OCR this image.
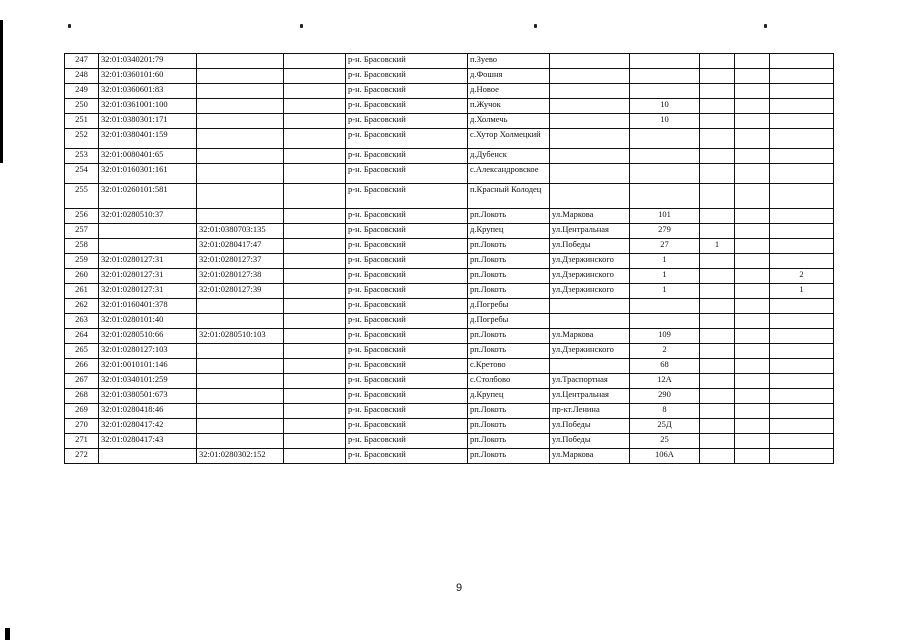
247	32:01:0340201:79			р-н. Брасовский	п.Зуево					
248	32:01:0360101:60			р-н. Брасовский	д.Фошня					
249	32:01:0360601:83			р-н. Брасовский	д.Новое					
250	32:01:0361001:100			р-н. Брасовский	п.Жучок		10			
251	32:01:0380301:171			р-н. Брасовский	д.Холмечь		10			
252	32:01:0380401:159			р-н. Брасовский	с.Хутор Холмецкий					
253	32:01:0080401:65			р-н. Брасовский	д.Дубенск					
254	32:01:0160301:161			р-н. Брасовский	с.Александровское					
255	32:01:0260101:581			р-н. Брасовский	п.Красный Колодец					
256	32:01:0280510:37			р-н. Брасовский	рп.Локоть	ул.Маркова	101			
257		32:01:0380703:135		р-н. Брасовский	д.Крупец	ул.Центральная	279			
258		32:01:0280417:47		р-н. Брасовский	рп.Локоть	ул.Победы	27	1		
259	32:01:0280127:31	32:01:0280127:37		р-н. Брасовский	рп.Локоть	ул.Дзержинского	1			
260	32:01:0280127:31	32:01:0280127:38		р-н. Брасовский	рп.Локоть	ул.Дзержинского	1			2
261	32:01:0280127:31	32:01:0280127:39		р-н. Брасовский	рп.Локоть	ул.Дзержинского	1			1
262	32:01:0160401:378			р-н. Брасовский	д.Погребы					
263	32:01:0280101:40			р-н. Брасовский	д.Погребы					
264	32:01:0280510:66	32:01:0280510:103		р-н. Брасовский	рп.Локоть	ул.Маркова	109			
265	32:01:0280127:103			р-н. Брасовский	рп.Локоть	ул.Дзержинского	2			
266	32:01:0010101:146			р-н. Брасовский	с.Кретово		68			
267	32:01:0340101:259			р-н. Брасовский	с.Столбово	ул.Траспортная	12А			
268	32:01:0380501:673			р-н. Брасовский	д.Крупец	ул.Центральная	290			
269	32:01:0280418:46			р-н. Брасовский	рп.Локоть	пр-кт.Ленина	8			
270	32:01:0280417:42			р-н. Брасовский	рп.Локоть	ул.Победы	25Д			
271	32:01:0280417:43			р-н. Брасовский	рп.Локоть	ул.Победы	25			
272		32:01:0280302:152		р-н. Брасовский	рп.Локоть	ул.Маркова	106А			
9
